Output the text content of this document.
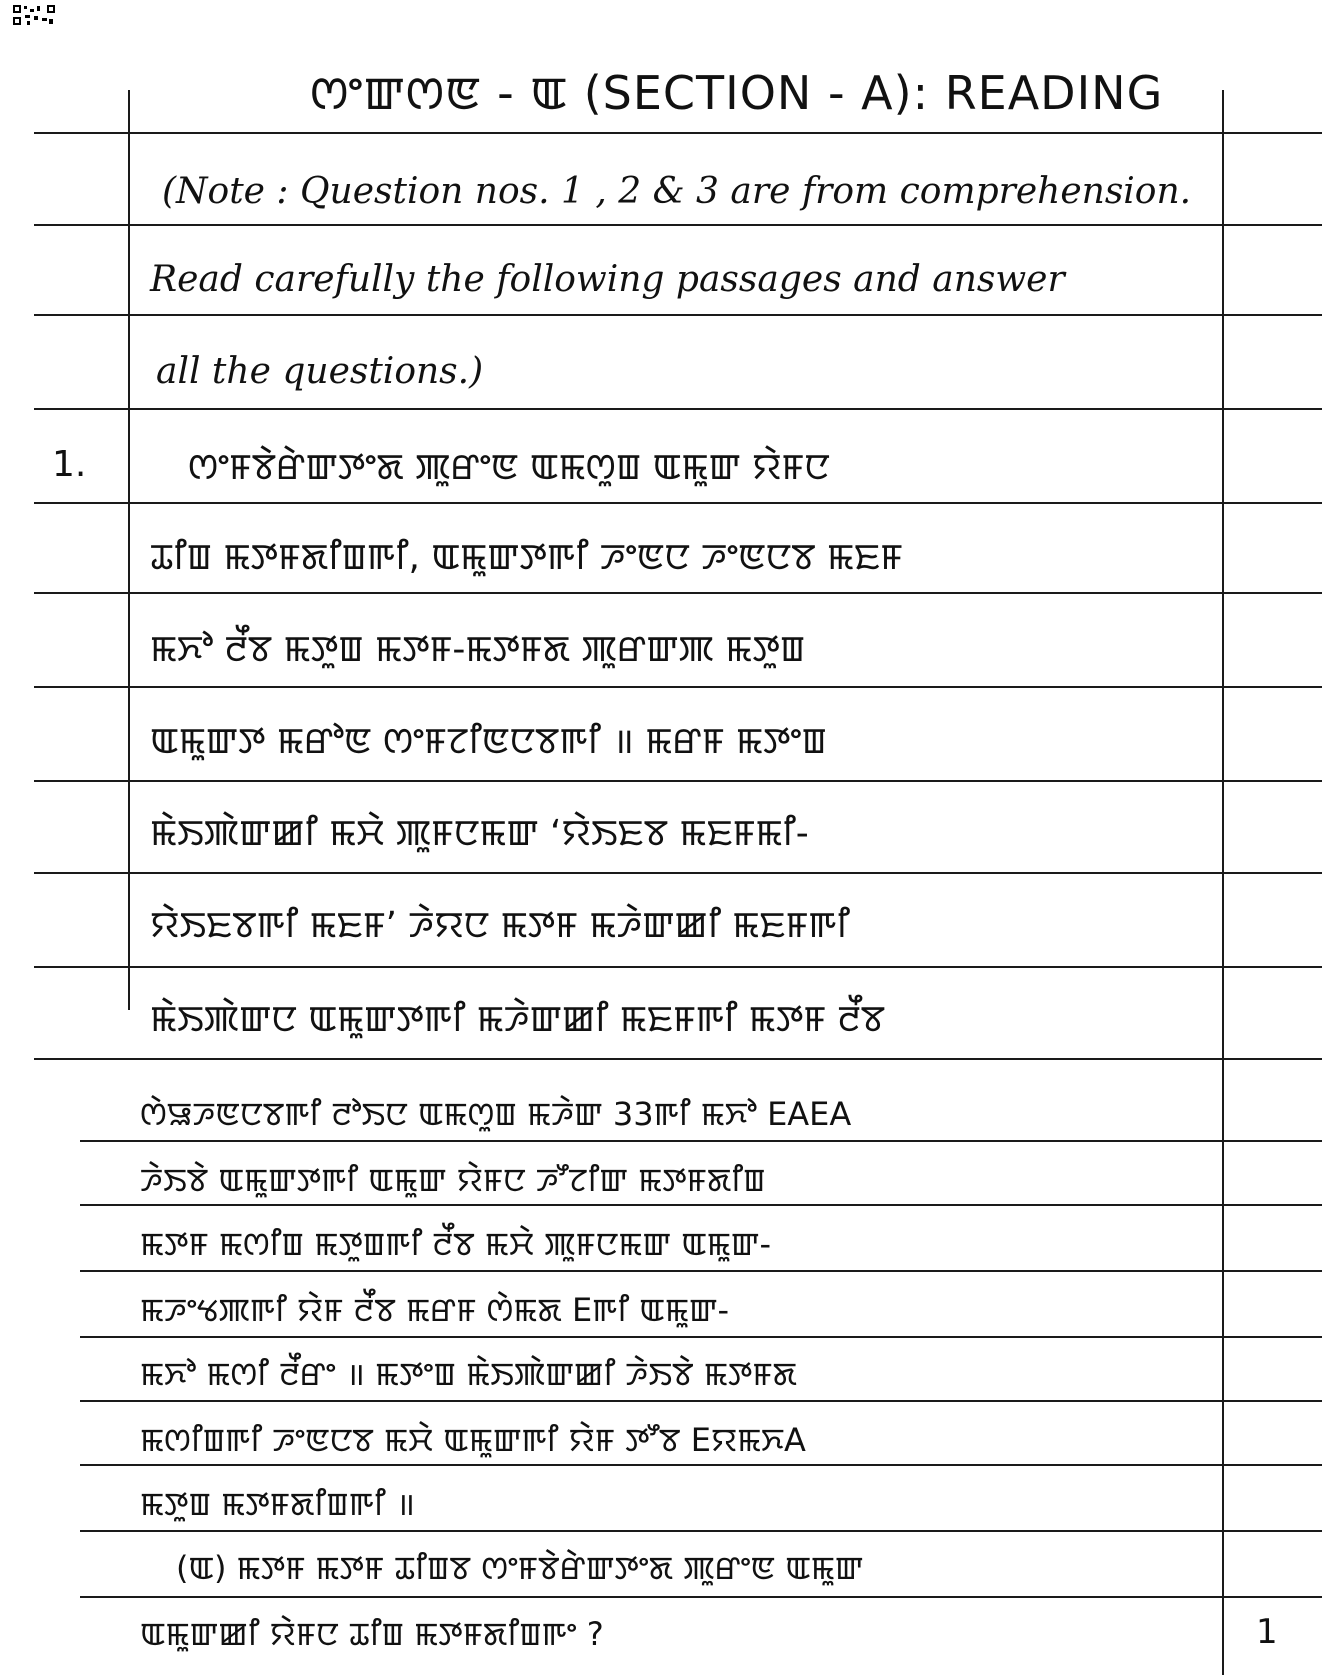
ꯁꯦꯛꯁꯟ - ꯑ (SECTION - A): READING
(Note : Question nos. 1 , 2 & 3 are from comprehension.
Read carefully the following passages and answer
all the questions.)
1.	ꯁꯦꯝꯕꯥꯔꯥꯛꯇꯦꯗ ꯄꯨꯔꯦꯟ ꯑꯃꯁꯨꯡ ꯑꯃꯨꯛ ꯌꯥꯝꯅ
ꯊꯤꯡ ꯃꯇꯝꯗꯤꯡꯒꯤ, ꯑꯃꯨꯛꯇꯒꯤ ꯍꯦꯟꯅ ꯍꯦꯟꯅꯕ ꯃꯐꯝ
ꯃꯈꯣ ꯂꯩꯕ ꯃꯇꯨꯡ ꯃꯇꯝ-ꯃꯇꯝꯗ ꯄꯨꯔꯛꯄ ꯃꯇꯨꯡ
ꯑꯃꯨꯛꯇ ꯃꯔꯣꯟ ꯁꯦꯝꯖꯤꯟꯅꯕꯒꯤ ॥ ꯃꯔꯝ ꯃꯇꯦꯡ
ꯃꯥꯏꯄꯥꯛꯀꯤ ꯃꯆꯥ ꯄꯨꯝꯅꯃꯛ ‘ꯌꯥꯏꯐꯕ ꯃꯐꯝꯃꯤ-
ꯌꯥꯏꯐꯕꯒꯤ ꯃꯐꯝ’ ꯍꯥꯌꯅ ꯃꯇꯝ ꯃꯍꯥꯛꯀꯤ ꯃꯐꯝꯒꯤ
ꯃꯥꯏꯄꯥꯛꯅ ꯑꯃꯨꯛꯇꯒꯤ ꯃꯍꯥꯛꯀꯤ ꯃꯐꯝꯒꯤ ꯃꯇꯝ ꯂꯩꯕ
ꯁꯥꯎꯍꯟꯅꯕꯒꯤ ꯂꯣꯏꯅ ꯑꯃꯁꯨꯡ ꯃꯍꯥꯛ 33ꯒꯤ ꯃꯈꯣ EAEA
ꯍꯥꯏꯕꯥ ꯑꯃꯨꯛꯇꯒꯤ ꯑꯃꯨꯛ ꯌꯥꯝꯅ ꯍꯧꯖꯤꯛ ꯃꯇꯝꯗꯤꯡ
ꯃꯇꯝ ꯃꯁꯤꯡ ꯃꯇꯨꯡꯒꯤ ꯂꯩꯕ ꯃꯆꯥ ꯄꯨꯝꯅꯃꯛ ꯑꯃꯨꯛ-
ꯃꯍꯦꯠꯄꯒꯤ ꯌꯥꯝ ꯂꯩꯕ ꯃꯔꯝ ꯁꯥꯃꯗ Eꯒꯤ ꯑꯃꯨꯛ-
ꯃꯈꯣ ꯃꯁꯤ ꯂꯩꯔꯦ ॥ ꯃꯇꯦꯡ ꯃꯥꯏꯄꯥꯛꯀꯤ ꯍꯥꯏꯕꯥ ꯃꯇꯝꯗ
ꯃꯁꯤꯡꯒꯤ ꯍꯦꯟꯅꯕ ꯃꯆꯥ ꯑꯃꯨꯛꯒꯤ ꯌꯥꯝ ꯇꯧꯕ EꯌꯃꯈA
ꯃꯇꯨꯡ ꯃꯇꯝꯗꯤꯡꯒꯤ ॥
(ꯑ) ꯃꯇꯝ ꯃꯇꯝ ꯊꯤꯡꯕ ꯁꯦꯝꯕꯥꯔꯥꯛꯇꯦꯗ ꯄꯨꯔꯦꯟ ꯑꯃꯨꯛ
ꯑꯃꯨꯛꯀꯤ ꯌꯥꯝꯅ ꯊꯤꯡ ꯃꯇꯝꯗꯤꯡꯒꯦ ?	1
